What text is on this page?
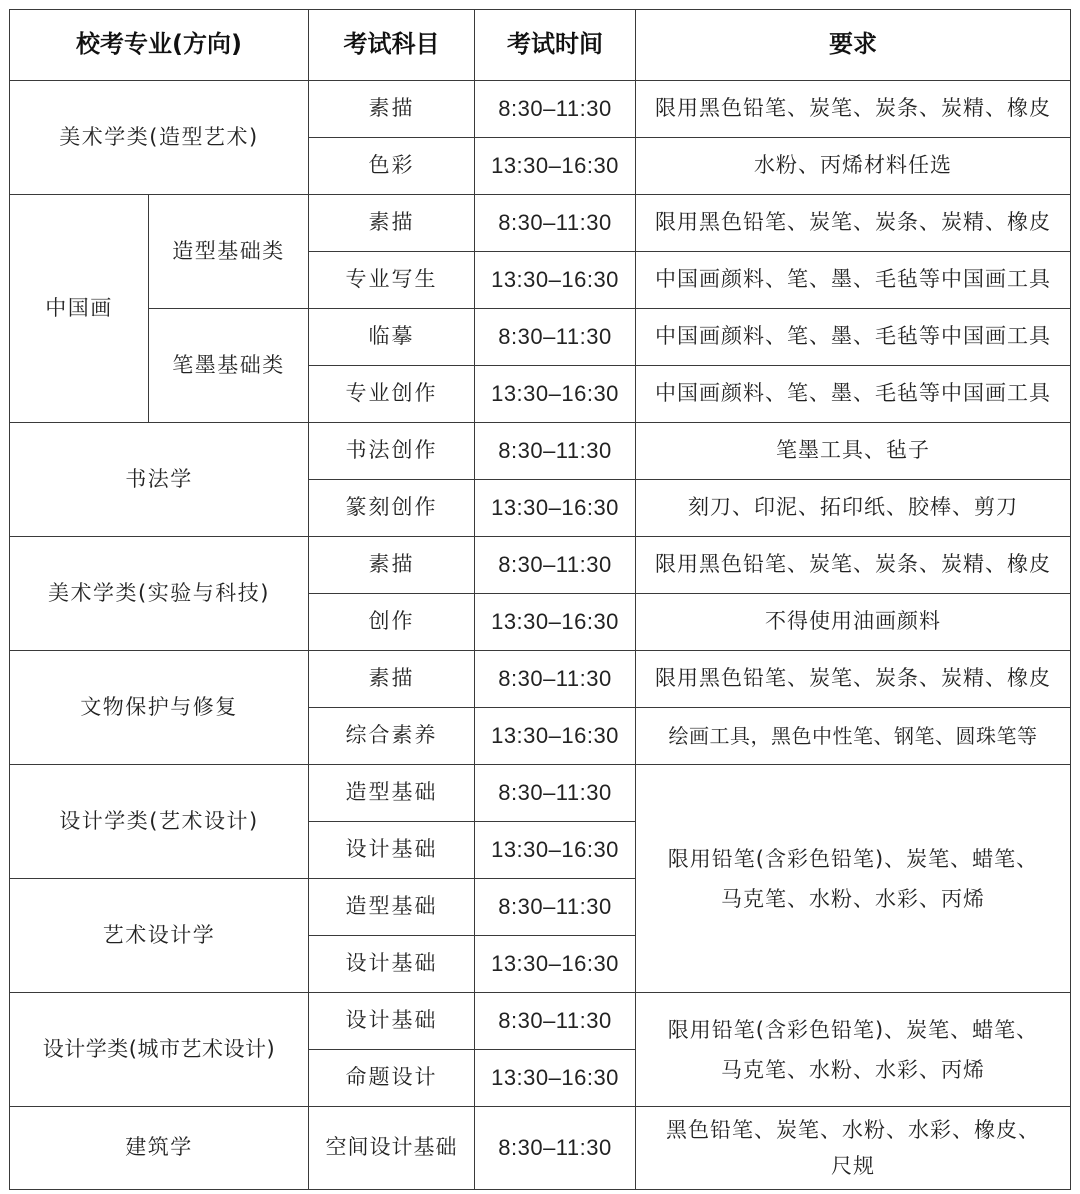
校考专业(方向)		考试科目	考试时间	要求
美术学类(造型艺术)		素描	8:30–11:30	限用黑色铅笔、炭笔、炭条、炭精、橡皮
		色彩	13:30–16:30	水粉、丙烯材料任选
中国画	造型基础类	素描	8:30–11:30	限用黑色铅笔、炭笔、炭条、炭精、橡皮
		专业写生	13:30–16:30	中国画颜料、笔、墨、毛毡等中国画工具
	笔墨基础类	临摹	8:30–11:30	中国画颜料、笔、墨、毛毡等中国画工具
		专业创作	13:30–16:30	中国画颜料、笔、墨、毛毡等中国画工具
书法学		书法创作	8:30–11:30	笔墨工具、毡子
		篆刻创作	13:30–16:30	刻刀、印泥、拓印纸、胶棒、剪刀
美术学类(实验与科技)		素描	8:30–11:30	限用黑色铅笔、炭笔、炭条、炭精、橡皮
		创作	13:30–16:30	不得使用油画颜料
文物保护与修复		素描	8:30–11:30	限用黑色铅笔、炭笔、炭条、炭精、橡皮
		综合素养	13:30–16:30	绘画工具，黑色中性笔、钢笔、圆珠笔等
设计学类(艺术设计)		造型基础	8:30–11:30	限用铅笔(含彩色铅笔)、炭笔、蜡笔、
马克笔、水粉、水彩、丙烯
		设计基础	13:30–16:30	
艺术设计学		造型基础	8:30–11:30	
		设计基础	13:30–16:30	
设计学类(城市艺术设计)		设计基础	8:30–11:30	限用铅笔(含彩色铅笔)、炭笔、蜡笔、
马克笔、水粉、水彩、丙烯
		命题设计	13:30–16:30	
建筑学		空间设计基础	8:30–11:30	黑色铅笔、炭笔、水粉、水彩、橡皮、
尺规
